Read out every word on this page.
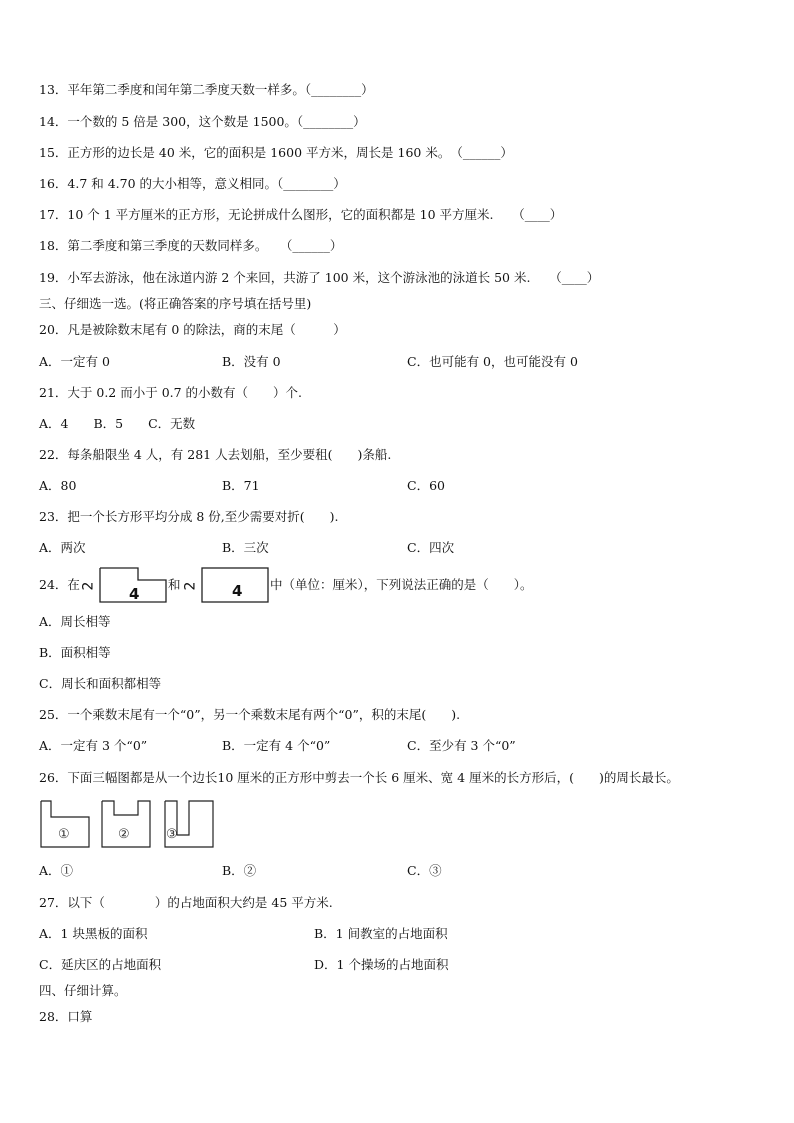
13．平年第二季度和闰年第二季度天数一样多。（________）
14．一个数的 5 倍是 300，这个数是 1500。（________）
15．正方形的边长是 40 米，它的面积是 1600 平方米，周长是 160 米。　（______）
16．4.7 和 4.70 的大小相等，意义相同。（________）
17．10 个 1 平方厘米的正方形，无论拼成什么图形，它的面积都是 10 平方厘米.　　（____）
18．第二季度和第三季度的天数同样多。　　（______）
19．小军去游泳，他在泳道内游 2 个来回，共游了 100 米，这个游泳池的泳道长 50 米.　　（____）
三、仔细选一选。(将正确答案的序号填在括号里)
20．凡是被除数末尾有 0 的除法，商的末尾（　　　）
A．一定有 0	B．没有 0	C．也可能有 0，也可能没有 0
21．大于 0.2 而小于 0.7 的小数有（　　）个.
A．4　　B．5　　C．无数
22．每条船限坐 4 人，有 281 人去划船，至少要租(　　)条船.
A．80	B．71	C．60
23．把一个长方形平均分成 8 份,至少需要对折(　　).
A．两次	B．三次	C．四次
24．在 2 4
和 2 4 中（单位：厘米），下列说法正确的是（　　）。
A．周长相等
B．面积相等
C．周长和面积都相等
25．一个乘数末尾有一个“0”，另一个乘数末尾有两个“0”，积的末尾(　　).
A．一定有 3 个“0”	B．一定有 4 个“0”	C．至少有 3 个“0”
26．下面三幅图都是从一个边长10 厘米的正方形中剪去一个长 6 厘米、宽 4 厘米的长方形后，(　　)的周长最长。
①	②	③
A．①	B．②	C．③
27．以下（　　　　）的占地面积大约是 45 平方米.
A．1 块黑板的面积	B．1 间教室的占地面积
C．延庆区的占地面积	D．1 个操场的占地面积
四、仔细计算。
28．口算
